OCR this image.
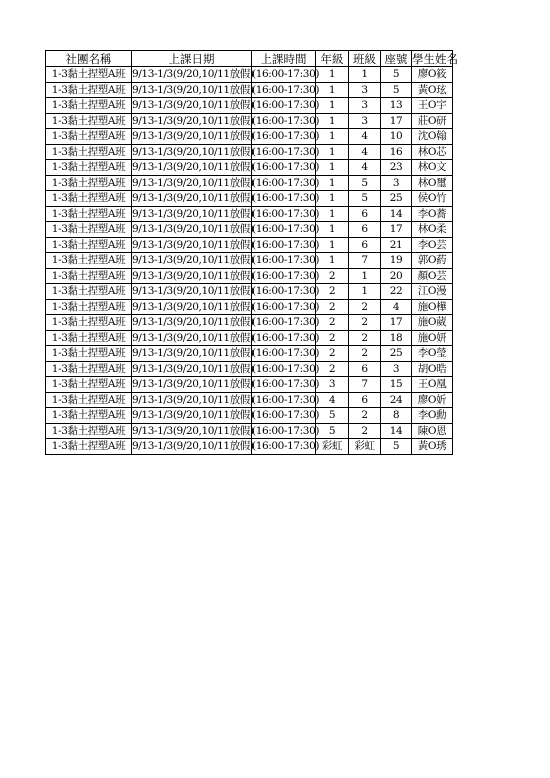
社團名稱	上課日期	上課時間	年級	班級	座號	學生姓名
1-3黏土捏塑A班	9/13-1/3(9/20,10/11放假)	(16:00-17:30)	1	1	5	廖O筱
1-3黏土捏塑A班	9/13-1/3(9/20,10/11放假)	(16:00-17:30)	1	3	5	黃O玹
1-3黏土捏塑A班	9/13-1/3(9/20,10/11放假)	(16:00-17:30)	1	3	13	王O宇
1-3黏土捏塑A班	9/13-1/3(9/20,10/11放假)	(16:00-17:30)	1	3	17	莊O研
1-3黏土捏塑A班	9/13-1/3(9/20,10/11放假)	(16:00-17:30)	1	4	10	沈O翰
1-3黏土捏塑A班	9/13-1/3(9/20,10/11放假)	(16:00-17:30)	1	4	16	林O芯
1-3黏土捏塑A班	9/13-1/3(9/20,10/11放假)	(16:00-17:30)	1	4	23	林O文
1-3黏土捏塑A班	9/13-1/3(9/20,10/11放假)	(16:00-17:30)	1	5	3	林O璽
1-3黏土捏塑A班	9/13-1/3(9/20,10/11放假)	(16:00-17:30)	1	5	25	侯O竹
1-3黏土捏塑A班	9/13-1/3(9/20,10/11放假)	(16:00-17:30)	1	6	14	李O蕎
1-3黏土捏塑A班	9/13-1/3(9/20,10/11放假)	(16:00-17:30)	1	6	17	林O柔
1-3黏土捏塑A班	9/13-1/3(9/20,10/11放假)	(16:00-17:30)	1	6	21	李O芸
1-3黏土捏塑A班	9/13-1/3(9/20,10/11放假)	(16:00-17:30)	1	7	19	郭O葯
1-3黏土捏塑A班	9/13-1/3(9/20,10/11放假)	(16:00-17:30)	2	1	20	顏O芸
1-3黏土捏塑A班	9/13-1/3(9/20,10/11放假)	(16:00-17:30)	2	1	22	江O漫
1-3黏土捏塑A班	9/13-1/3(9/20,10/11放假)	(16:00-17:30)	2	2	4	施O樺
1-3黏土捏塑A班	9/13-1/3(9/20,10/11放假)	(16:00-17:30)	2	2	17	施O葳
1-3黏土捏塑A班	9/13-1/3(9/20,10/11放假)	(16:00-17:30)	2	2	18	施O妍
1-3黏土捏塑A班	9/13-1/3(9/20,10/11放假)	(16:00-17:30)	2	2	25	李O瑩
1-3黏土捏塑A班	9/13-1/3(9/20,10/11放假)	(16:00-17:30)	2	6	3	胡O晧
1-3黏土捏塑A班	9/13-1/3(9/20,10/11放假)	(16:00-17:30)	3	7	15	王O凰
1-3黏土捏塑A班	9/13-1/3(9/20,10/11放假)	(16:00-17:30)	4	6	24	廖O妡
1-3黏土捏塑A班	9/13-1/3(9/20,10/11放假)	(16:00-17:30)	5	2	8	李O勳
1-3黏土捏塑A班	9/13-1/3(9/20,10/11放假)	(16:00-17:30)	5	2	14	陳O恩
1-3黏土捏塑A班	9/13-1/3(9/20,10/11放假)	(16:00-17:30)	彩虹	彩虹	5	黃O琇
